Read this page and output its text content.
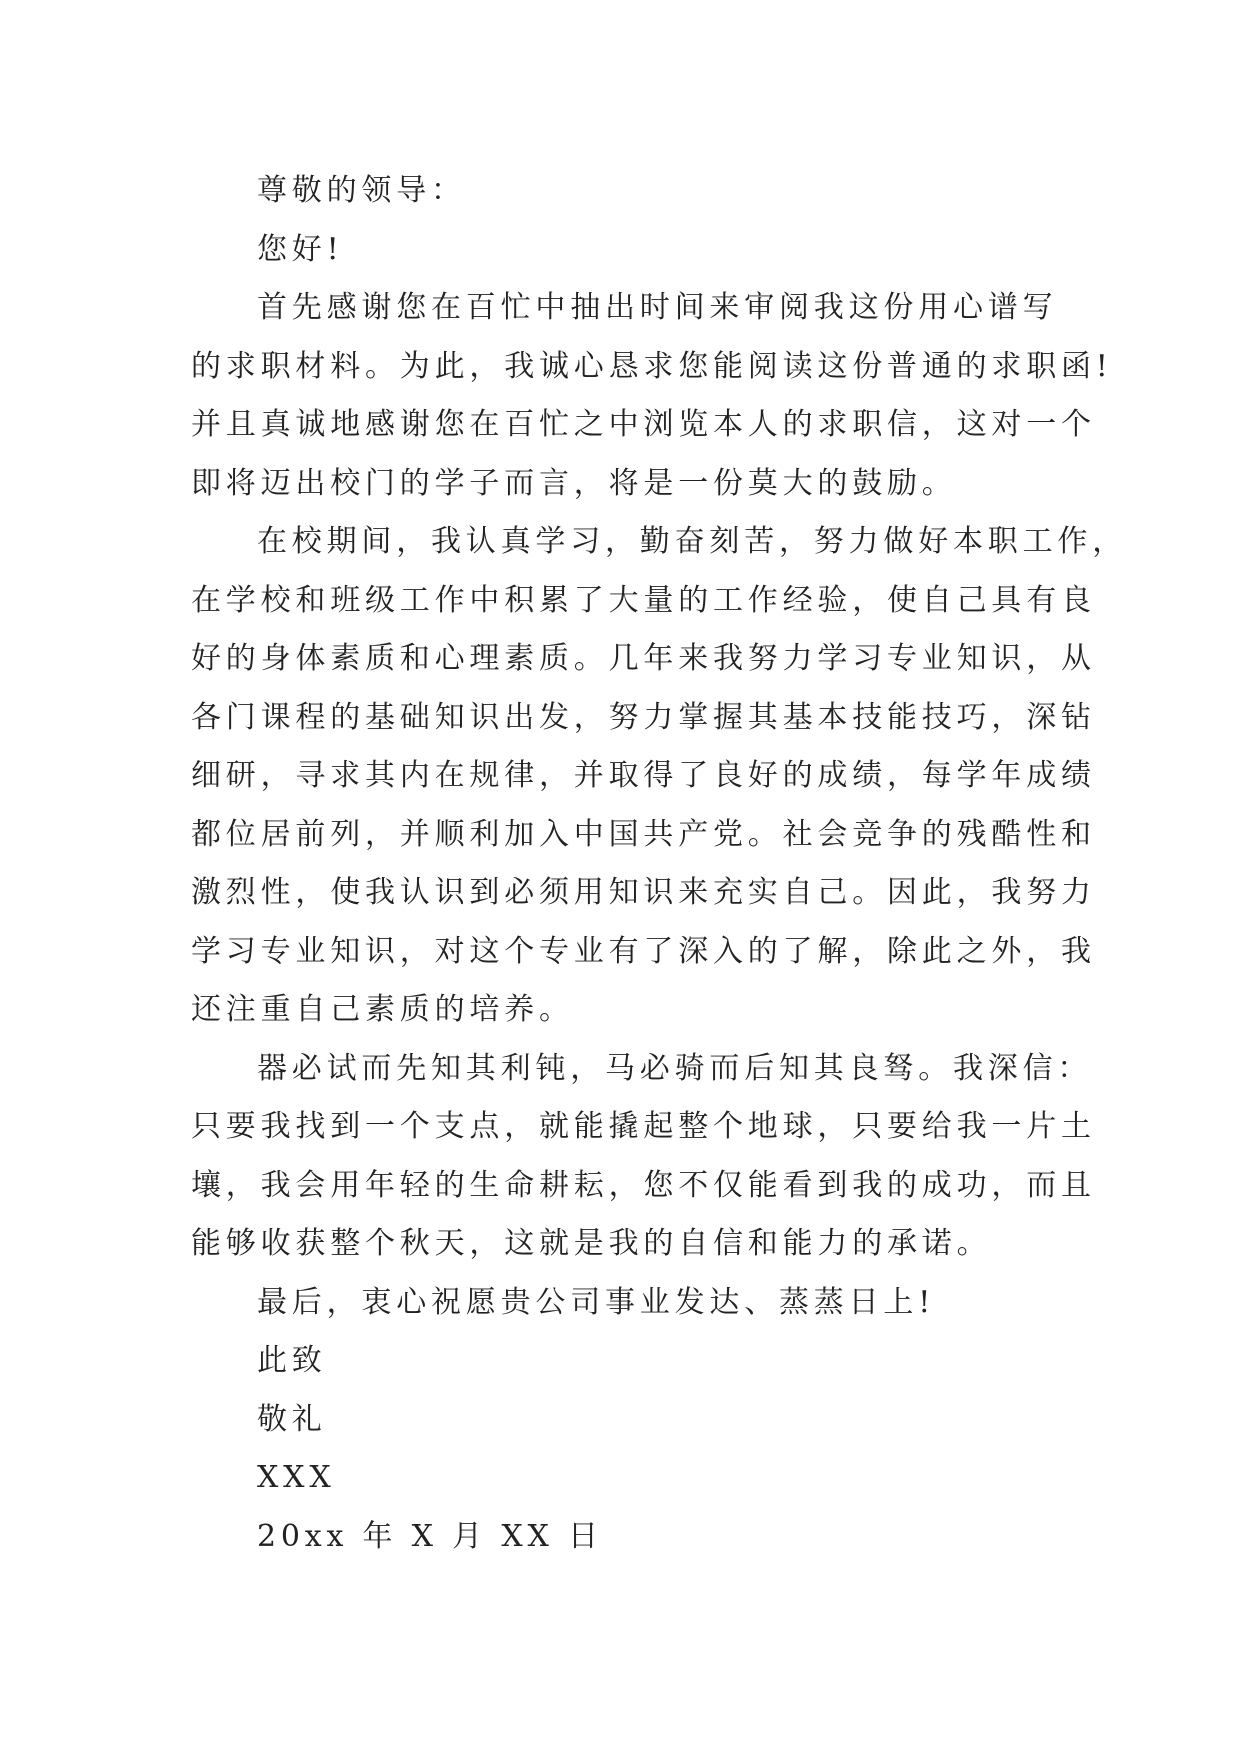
尊敬的领导：
您好!
首先感谢您在百忙中抽出时间来审阅我这份用心谱写
的求职材料。为此，我诚心恳求您能阅读这份普通的求职函!
并且真诚地感谢您在百忙之中浏览本人的求职信，这对一个
即将迈出校门的学子而言，将是一份莫大的鼓励。
在校期间，我认真学习，勤奋刻苦，努力做好本职工作，
在学校和班级工作中积累了大量的工作经验，使自己具有良
好的身体素质和心理素质。几年来我努力学习专业知识，从
各门课程的基础知识出发，努力掌握其基本技能技巧，深钻
细研，寻求其内在规律，并取得了良好的成绩，每学年成绩
都位居前列，并顺利加入中国共产党。社会竞争的残酷性和
激烈性，使我认识到必须用知识来充实自己。因此，我努力
学习专业知识，对这个专业有了深入的了解，除此之外，我
还注重自己素质的培养。
器必试而先知其利钝，马必骑而后知其良驽。我深信：
只要我找到一个支点，就能撬起整个地球，只要给我一片土
壤，我会用年轻的生命耕耘，您不仅能看到我的成功，而且
能够收获整个秋天，这就是我的自信和能力的承诺。
最后，衷心祝愿贵公司事业发达、蒸蒸日上!
此致
敬礼
XXX
20xx 年 X 月 XX 日
